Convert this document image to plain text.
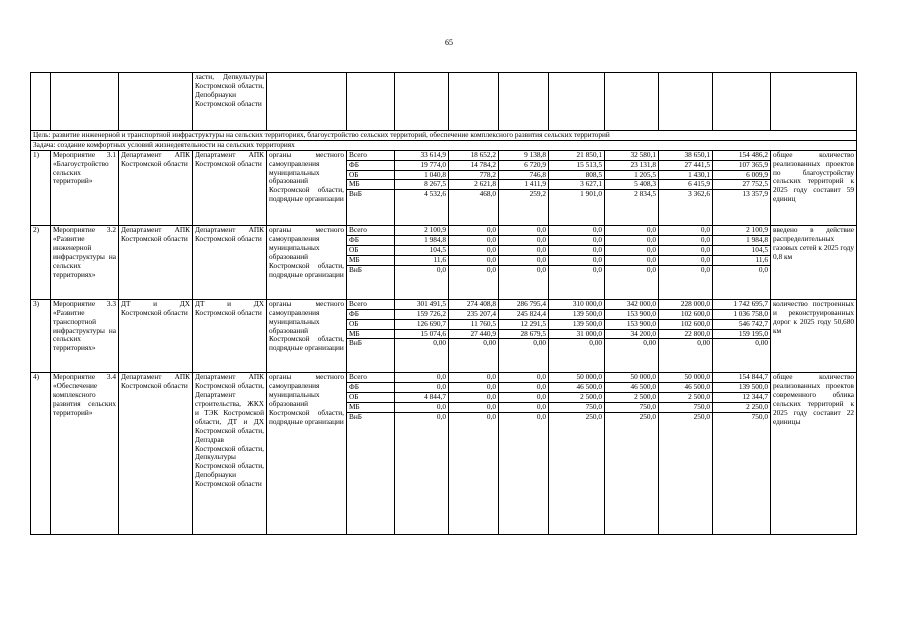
65
			ласти, Депкультуры Костромской области, Депобрнауки Костромской области										
Цель: развитие инженерной и транспортной инфраструктуры на сельских территориях, благоустройство сельских территорий, обеспечение комплексного развития сельских территорий													
Задача: создание комфортных условий жизнедеятельности на сельских территориях													
1)	Мероприятие 3.1 «Благоустройство сельских территорий»	Департамент АПК Костромской области	Департамент АПК Костромской области	органы местного самоуправления муниципальных образований Костромской области, подрядные организации	Всего	33 614,9	18 652,2	9 138,8	21 850,1	32 580,1	38 650,1	154 486,2	общее количество реализованных проектов по благоустройству сельских территорий к 2025 году составит 59 единиц
					ФБ	19 774,0	14 784,2	6 720,9	15 513,5	23 131,8	27 441,5	107 365,9	
					ОБ	1 040,8	778,2	746,8	808,5	1 205,5	1 430,1	6 009,9	
					МБ	8 267,5	2 621,8	1 411,9	3 627,1	5 408,3	6 415,9	27 752,5	
					ВнБ	4 532,6	468,0	259,2	1 901,0	2 834,5	3 362,6	13 357,9	
2)	Мероприятие 3.2 «Развитие инженерной инфраструктуры на сельских территориях»	Департамент АПК Костромской области	Департамент АПК Костромской области	органы местного самоуправления муниципальных образований Костромской области, подрядные организации	Всего	2 100,9	0,0	0,0	0,0	0,0	0,0	2 100,9	введено в действие распределительных газовых сетей к 2025 году 0,8 км
					ФБ	1 984,8	0,0	0,0	0,0	0,0	0,0	1 984,8	
					ОБ	104,5	0,0	0,0	0,0	0,0	0,0	104,5	
					МБ	11,6	0,0	0,0	0,0	0,0	0,0	11,6	
					ВнБ	0,0	0,0	0,0	0,0	0,0	0,0	0,0	
3)	Мероприятие 3.3 «Развитие транспортной инфраструктуры на сельских территориях»	ДТ и ДХ Костромской области	ДТ и ДХ Костромской области	органы местного самоуправления муниципальных образований Костромской области, подрядные организации	Всего	301 491,5	274 408,8	286 795,4	310 000,0	342 000,0	228 000,0	1 742 695,7	количество построенных и реконструированных дорог к 2025 году 50,680 км
					ФБ	159 726,2	235 207,4	245 824,4	139 500,0	153 900,0	102 600,0	1 036 758,0	
					ОБ	126 690,7	11 760,5	12 291,5	139 500,0	153 900,0	102 600,0	546 742,7	
					МБ	15 074,6	27 440,9	28 679,5	31 000,0	34 200,0	22 800,0	159 195,0	
					ВнБ	0,00	0,00	0,00	0,00	0,00	0,00	0,00	
4)	Мероприятие 3.4 «Обеспечение комплексного развития сельских территорий»	Департамент АПК Костромской области	Департамент АПК Костромской области, Департамент строительства, ЖКХ и ТЭК Костромской области, ДТ и ДХ Костромской области, Депздрав Костромской области, Депкультуры Костромской области, Депобрнауки Костромской области	органы местного самоуправления муниципальных образований Костромской области, подрядные организации	Всего	0,0	0,0	0,0	50 000,0	50 000,0	50 000,0	154 844,7	общее количество реализованных проектов современного облика сельских территорий к 2025 году составит 22 единицы
					ФБ	0,0	0,0	0,0	46 500,0	46 500,0	46 500,0	139 500,0	
					ОБ	4 844,7	0,0	0,0	2 500,0	2 500,0	2 500,0	12 344,7	
					МБ	0,0	0,0	0,0	750,0	750,0	750,0	2 250,0	
					ВнБ	0,0	0,0	0,0	250,0	250,0	250,0	750,0	
